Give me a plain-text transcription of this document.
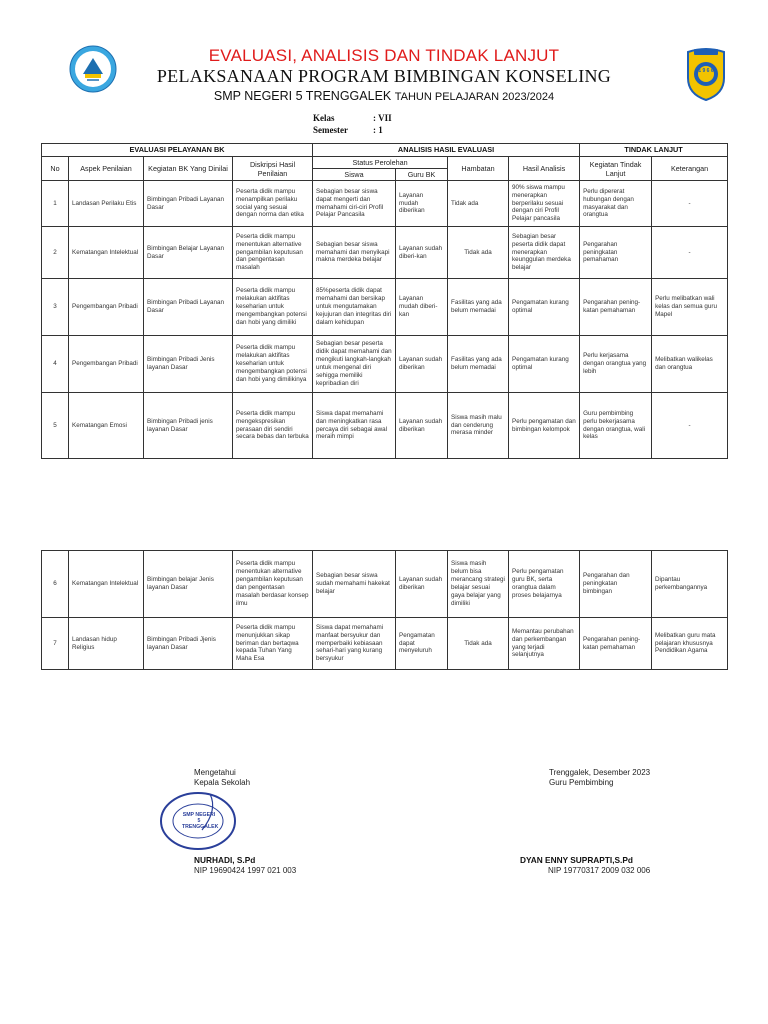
1 9 6 6
EVALUASI, ANALISIS DAN TINDAK LANJUT
PELAKSANAAN PROGRAM BIMBINGAN KONSELING
SMP NEGERI 5 TRENGGALEK TAHUN PELAJARAN 2023/2024
Kelas	: VII
Semester	: 1
EVALUASI PELAYANAN BK				ANALISIS HASIL EVALUASI				TINDAK LANJUT	
No	Aspek Penilaian	Kegiatan BK Yang Dinilai	Diskripsi Hasil Penilaian	Status Perolehan		Hambatan	Hasil Analisis	Kegiatan Tindak Lanjut	Keterangan
				Siswa	Guru BK				
1	Landasan Perilaku Etis	Bimbingan Pribadi Layanan Dasar	Peserta didik mampu menampilkan perilaku social yang sesuai dengan norma dan etika	Sebagian besar siswa dapat mengerti dan memahami ciri-ciri Profil Pelajar Pancasila	Layanan mudah diberikan	Tidak ada	90% siswa mampu menerapkan berperilaku sesuai dengan ciri Profil Pelajar pancasila	Perlu dipererat hubungan dengan masyarakat dan orangtua	-
2	Kematangan Intelektual	Bimbingan Belajar Layanan Dasar	Peserta didik mampu menentukan alternative pengambilan keputusan dan pengentasan masalah	Sebagian besar siswa memahami dan menyikapi makna merdeka belajar	Layanan sudah diberi-kan	Tidak ada	Sebagian besar peserta didik dapat menerapkan keunggulan merdeka belajar	Pengarahan peningkatan pemahaman	-
3	Pengembangan Pribadi	Bimbingan Pribadi Layanan Dasar	Peserta didik mampu melakukan aktifitas keseharian untuk mengembangkan potensi dan hobi yang dimiliki	85%peserta didik dapat memahami dan bersikap untuk mengutamakan kejujuran dan integritas diri dalam kehidupan	Layanan mudah diberi-kan	Fasilitas yang ada belum memadai	Pengamatan kurang optimal	Pengarahan pening-katan pemahaman	Perlu melibatkan wali kelas dan semua guru Mapel
4	Pengembangan Pribadi	Bimbingan Pribadi Jenis layanan Dasar	Peserta didik mampu melakukan aktifitas keseharian untuk mengembangkan potensi dan hobi yang dimilikinya	Sebagian besar peserta didik dapat memahami dan mengikuti langkah-langkah untuk mengenal diri sehigga memiliki kepribadian diri	Layanan sudah diberikan	Fasilitas yang ada belum memadai	Pengamatan kurang optimal	Perlu kerjasama dengan orangtua yang lebih	Melibatkan walikelas dan orangtua
5	Kematangan Emosi	Bimbingan Pribadi jenis layanan Dasar	Peserta didik mampu mengekspresikan perasaan diri sendiri secara bebas dan terbuka	Siswa dapat memahami dan meningkatkan rasa percaya diri sebagai awal meraih mimpi	Layanan sudah diberikan	Siswa masih malu dan cenderung merasa minder	Perlu pengamatan dan bimbingan kelompok	Guru pembimbing perlu bekerjasama dengan orangtua, wali kelas	-
6	Kematangan Intelektual	Bimbingan belajar Jenis layanan Dasar	Peserta didik mampu menentukan alternative pengambilan keputusan dan pengentasan masalah berdasar konsep ilmu	Sebagian besar siswa sudah memahami hakekat belajar	Layanan sudah diberikan	Siswa masih belum bisa merancang strategi belajar sesuai gaya belajar yang dimiliki	Perlu pengamatan guru BK, serta orangtua dalam proses belajarnya	Pengarahan dan peningkatan bimbingan	Dipantau perkembangannya
7	Landasan hidup Religius	Bimbingan Pribadi Jjenis layanan Dasar	Peserta didik mampu menunjukkan sikap beriman dan bertaqwa kepada Tuhan Yang Maha Esa	Siswa dapat memahami manfaat bersyukur dan memperbaiki kebiasaan sehari-hari yang kurang bersyukur	Pengamatan dapat menyeluruh	Tidak ada	Memantau perubahan dan perkembangan yang terjadi selanjutnya	Pengarahan pening-katan pemahaman	Melibatkan guru mata pelajaran khususnya Pendidikan Agama
SMP NEGERI 5 TRENGGALEK
Mengetahui
Kepala Sekolah
NURHADI, S.Pd
NIP 19690424 1997 021 003
Trenggalek, Desember 2023
Guru Pembimbing
DYAN ENNY SUPRAPTI,S.Pd
NIP 19770317 2009 032 006
